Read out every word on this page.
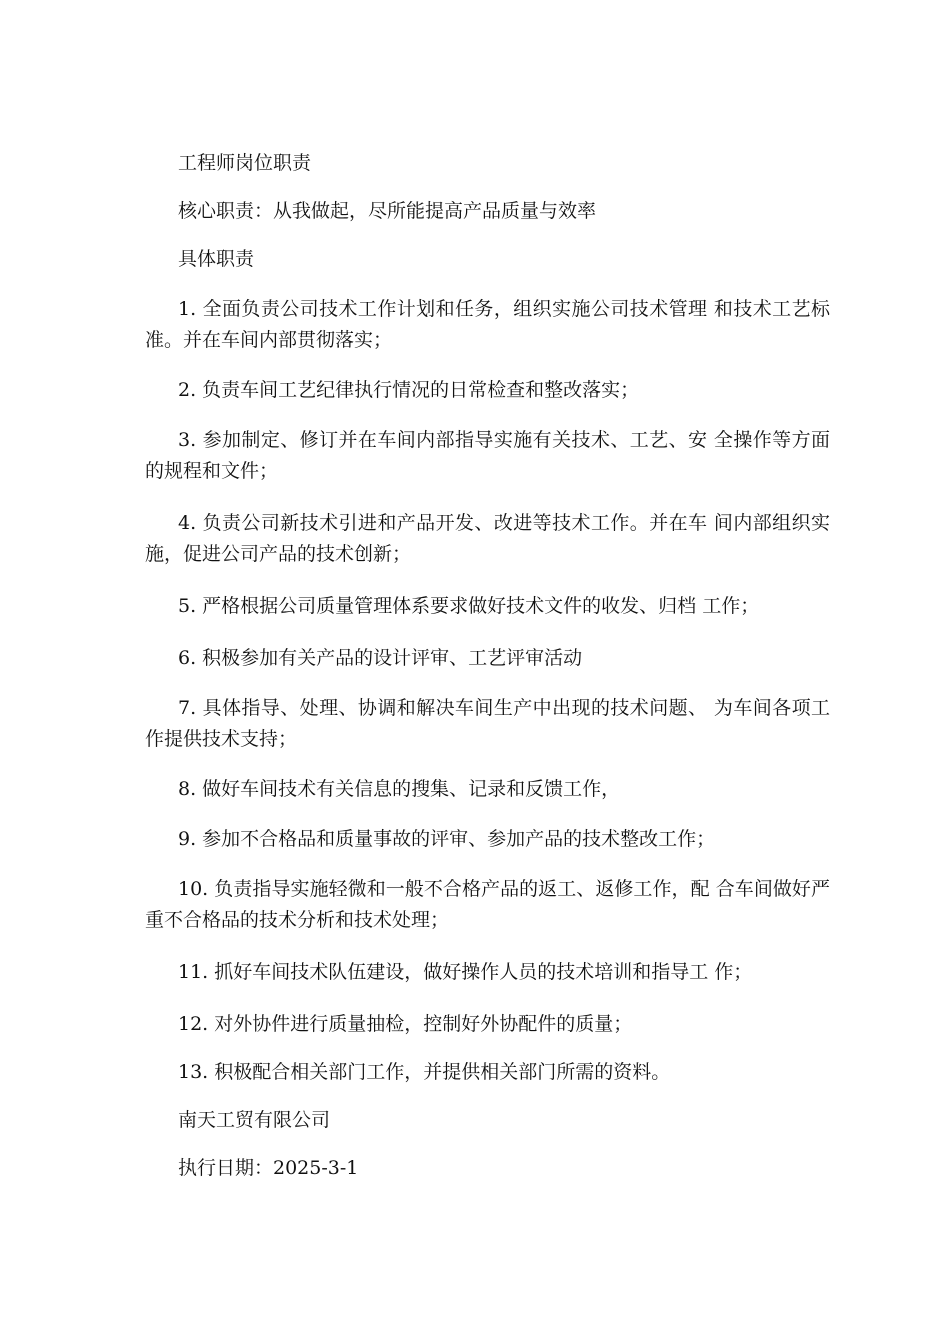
工程师岗位职责

核心职责：从我做起，尽所能提高产品质量与效率

具体职责

1. 全面负责公司技术工作计划和任务，组织实施公司技术管理 和技术工艺标准。并在车间内部贯彻落实；

2. 负责车间工艺纪律执行情况的日常检查和整改落实；

3. 参加制定、修订并在车间内部指导实施有关技术、工艺、安 全操作等方面的规程和文件；

4. 负责公司新技术引进和产品开发、改进等技术工作。并在车 间内部组织实施，促进公司产品的技术创新；

5. 严格根据公司质量管理体系要求做好技术文件的收发、归档 工作；

6. 积极参加有关产品的设计评审、工艺评审活动

7. 具体指导、处理、协调和解决车间生产中出现的技术问题、 为车间各项工作提供技术支持；

8. 做好车间技术有关信息的搜集、记录和反馈工作，

9. 参加不合格品和质量事故的评审、参加产品的技术整改工作；

10. 负责指导实施轻微和一般不合格产品的返工、返修工作，配 合车间做好严重不合格品的技术分析和技术处理；

11. 抓好车间技术队伍建设，做好操作人员的技术培训和指导工 作；

12. 对外协件进行质量抽检，控制好外协配件的质量；

13. 积极配合相关部门工作，并提供相关部门所需的资料。

南天工贸有限公司

执行日期：2025-3-1
